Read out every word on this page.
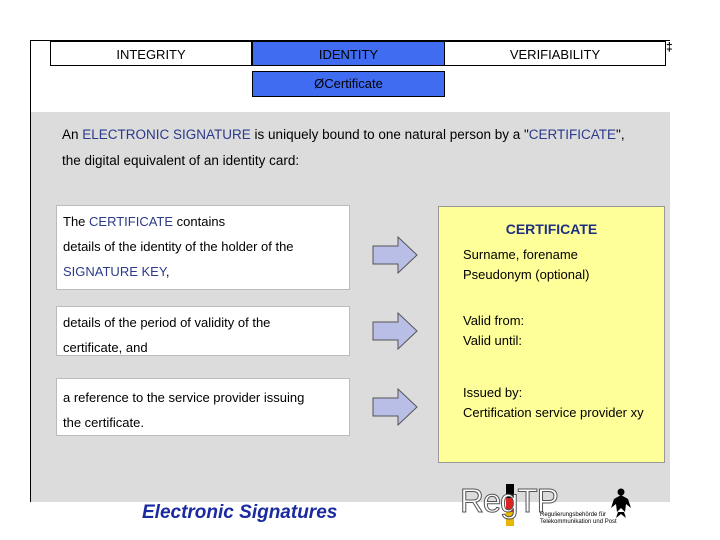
INTEGRITY	IDENTITY	VERIFIABILITY
ØCertificate
‡
An ELECTRONIC SIGNATURE is uniquely bound to one natural person by a "CERTIFICATE",
the digital equivalent of an identity card:
The CERTIFICATE contains
details of the identity of the holder of the
SIGNATURE KEY,
details of the period of validity of the
certificate, and
a reference to the service provider issuing
the certificate.
CERTIFICATE
Surname, forename
Pseudonym (optional)
Valid from:
Valid until:
Issued by:
Certification service provider xy
Electronic Signatures	RegTP
Regulierungsbehörde für
Telekommunikation und Post
